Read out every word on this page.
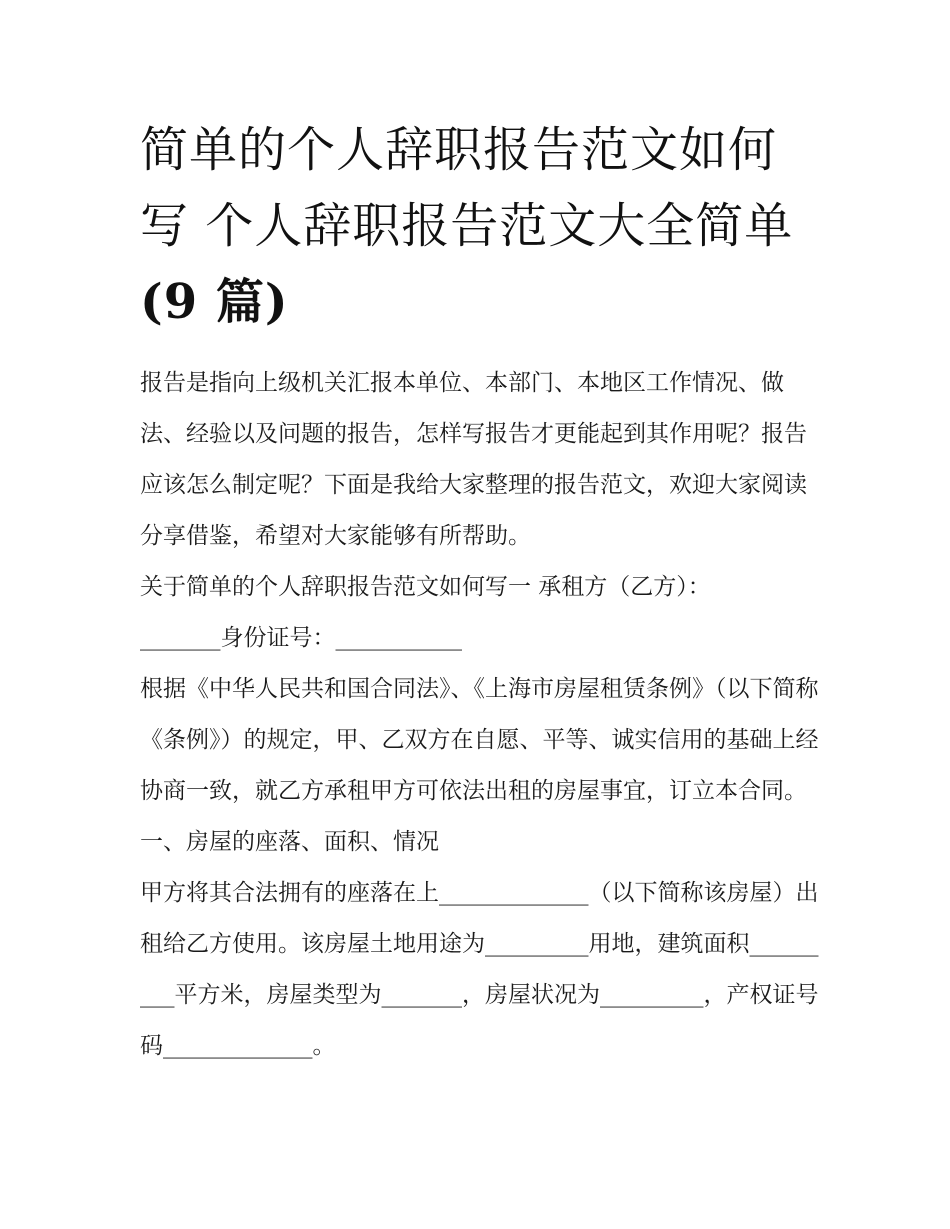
简单的个人辞职报告范文如何
写 个人辞职报告范文大全简单
(9 篇)

报告是指向上级机关汇报本单位、本部门、本地区工作情况、做法、经验以及问题的报告，怎样写报告才更能起到其作用呢？报告应该怎么制定呢？下面是我给大家整理的报告范文，欢迎大家阅读分享借鉴，希望对大家能够有所帮助。

关于简单的个人辞职报告范文如何写一 承租方（乙方）：

_______身份证号：___________

根据《中华人民共和国合同法》、《上海市房屋租赁条例》（以下简称《条例》）的规定，甲、乙双方在自愿、平等、诚实信用的基础上经协商一致，就乙方承租甲方可依法出租的房屋事宜，订立本合同。

一、房屋的座落、面积、情况

甲方将其合法拥有的座落在上_____________（以下简称该房屋）出租给乙方使用。该房屋土地用途为_________用地，建筑面积_________平方米，房屋类型为_______，房屋状况为_________，产权证号码_____________。
